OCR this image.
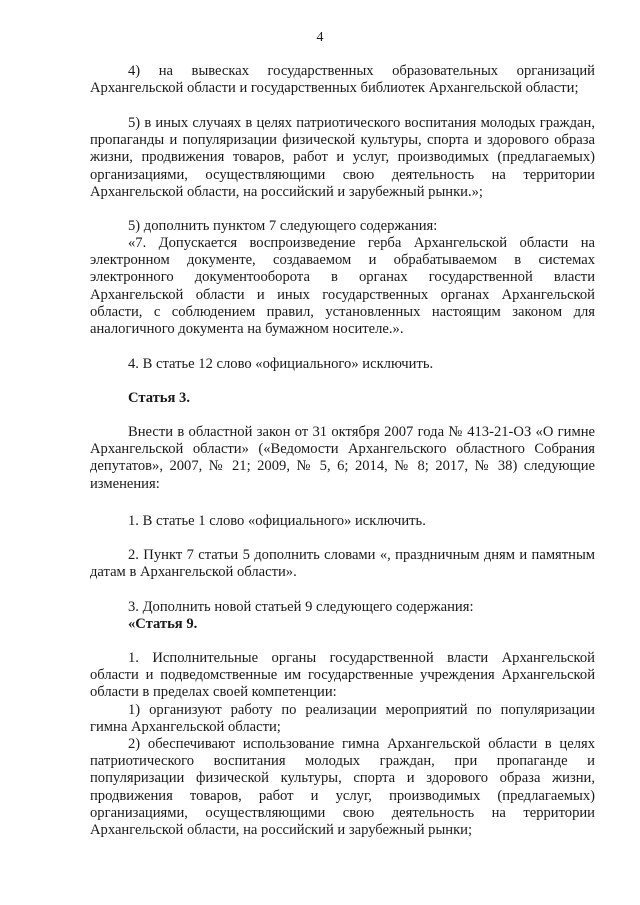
4

4) на вывесках государственных образовательных организаций Архангельской области и государственных библиотек Архангельской области;

5) в иных случаях в целях патриотического воспитания молодых граждан, пропаганды и популяризации физической культуры, спорта и здорового образа жизни, продвижения товаров, работ и услуг, производимых (предлагаемых) организациями, осуществляющими свою деятельность на территории Архангельской области, на российский и зарубежный рынки.»;

5) дополнить пунктом 7 следующего содержания:

«7. Допускается воспроизведение герба Архангельской области на электронном документе, создаваемом и обрабатываемом в системах электронного документооборота в органах государственной власти Архангельской области и иных государственных органах Архангельской области, с соблюдением правил, установленных настоящим законом для аналогичного документа на бумажном носителе.».

4. В статье 12 слово «официального» исключить.

Статья 3.

Внести в областной закон от 31 октября 2007 года № 413-21-ОЗ «О гимне Архангельской области» («Ведомости Архангельского областного Собрания депутатов», 2007, № 21; 2009, № 5, 6; 2014, № 8; 2017, № 38) следующие изменения:

1. В статье 1 слово «официального» исключить.

2. Пункт 7 статьи 5 дополнить словами «, праздничным дням и памятным датам в Архангельской области».

3. Дополнить новой статьей 9 следующего содержания:

«Статья 9.

1. Исполнительные органы государственной власти Архангельской области и подведомственные им государственные учреждения Архангельской области в пределах своей компетенции:

1) организуют работу по реализации мероприятий по популяризации гимна Архангельской области;

2) обеспечивают использование гимна Архангельской области в целях патриотического воспитания молодых граждан, при пропаганде и популяризации физической культуры, спорта и здорового образа жизни, продвижения товаров, работ и услуг, производимых (предлагаемых) организациями, осуществляющими свою деятельность на территории Архангельской области, на российский и зарубежный рынки;
